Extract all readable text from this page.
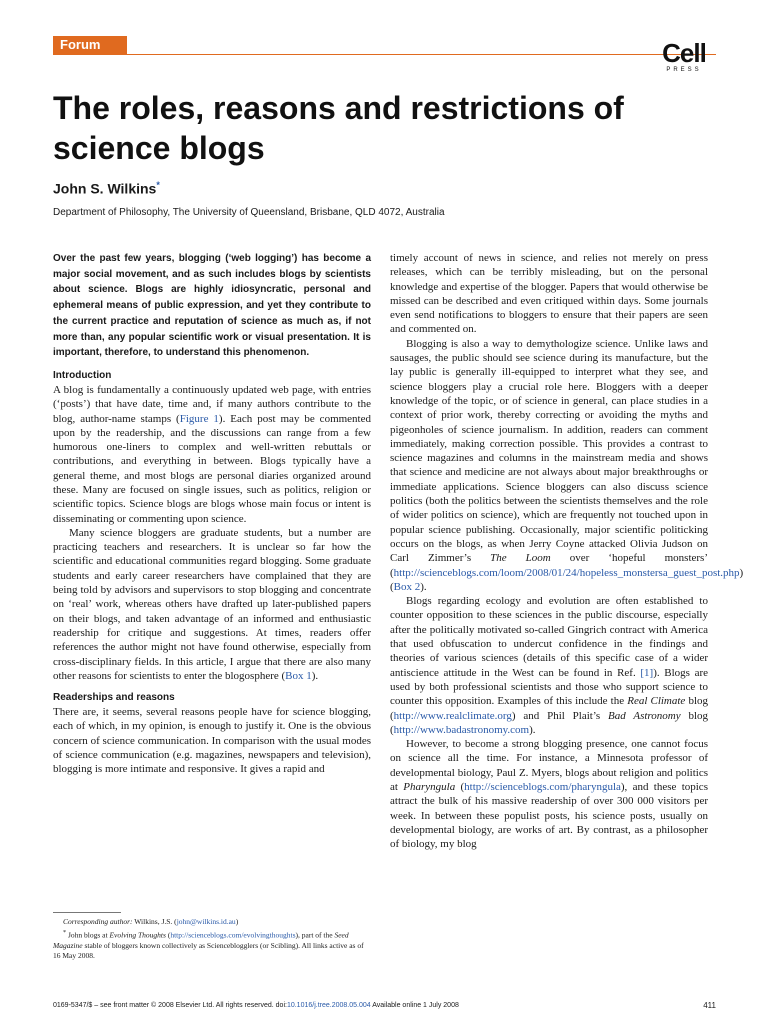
Forum	Cell
PRESS
The roles, reasons and restrictions of science blogs
John S. Wilkins*
Department of Philosophy, The University of Queensland, Brisbane, QLD 4072, Australia

Over the past few years, blogging (‘web logging’) has become a major social movement, and as such includes blogs by scientists about science. Blogs are highly idiosyncratic, personal and ephemeral means of public expression, and yet they contribute to the current practice and reputation of science as much as, if not more than, any popular scientific work or visual presentation. It is important, therefore, to understand this phenomenon.

Introduction

A blog is fundamentally a continuously updated web page, with entries (‘posts’) that have date, time and, if many authors contribute to the blog, author-name stamps (Figure 1). Each post may be commented upon by the readership, and the discussions can range from a few humorous one-liners to complex and well-written rebuttals or contributions, and everything in between. Blogs typically have a general theme, and most blogs are personal diaries organized around these. Many are focused on single issues, such as politics, religion or scientific topics. Science blogs are blogs whose main focus or intent is disseminating or commenting upon science.

Many science bloggers are graduate students, but a number are practicing teachers and researchers. It is unclear so far how the scientific and educational communities regard blogging. Some graduate students and early career researchers have complained that they are being told by advisors and supervisors to stop blogging and concentrate on ‘real’ work, whereas others have drafted up later-published papers on their blogs, and taken advantage of an informed and enthusiastic readership for critique and suggestions. At times, readers offer references the author might not have found otherwise, especially from cross-disciplinary fields. In this article, I argue that there are also many other reasons for scientists to enter the blogosphere (Box 1).

Readerships and reasons

There are, it seems, several reasons people have for science blogging, each of which, in my opinion, is enough to justify it. One is the obvious concern of science communication. In comparison with the usual modes of science communication (e.g. magazines, newspapers and television), blogging is more intimate and responsive. It gives a rapid and

timely account of news in science, and relies not merely on press releases, which can be terribly misleading, but on the personal knowledge and expertise of the blogger. Papers that would otherwise be missed can be described and even critiqued within days. Some journals even send notifications to bloggers to ensure that their papers are seen and commented on.

Blogging is also a way to demythologize science. Unlike laws and sausages, the public should see science during its manufacture, but the lay public is generally ill-equipped to interpret what they see, and science bloggers play a crucial role here. Bloggers with a deeper knowledge of the topic, or of science in general, can place studies in a context of prior work, thereby correcting or avoiding the myths and pigeonholes of science journalism. In addition, readers can comment immediately, making correction possible. This provides a contrast to science magazines and columns in the mainstream media and shows that science and medicine are not always about major breakthroughs or immediate applications. Science bloggers can also discuss science politics (both the politics between the scientists themselves and the role of wider politics on science), which are frequently not touched upon in popular science publishing. Occasionally, major scientific politicking occurs on the blogs, as when Jerry Coyne attacked Olivia Judson on Carl Zimmer’s The Loom over ‘hopeful monsters’ (http://scienceblogs.com/loom/2008/01/24/hopeless_monstersa_guest_post.php) (Box 2).

Blogs regarding ecology and evolution are often established to counter opposition to these sciences in the public discourse, especially after the politically motivated so-called Gingrich contract with America that used obfuscation to undercut confidence in the findings and theories of various sciences (details of this specific case of a wider antiscience attitude in the West can be found in Ref. [1]). Blogs are used by both professional scientists and those who support science to counter this opposition. Examples of this include the Real Climate blog (http://www.realclimate.org) and Phil Plait’s Bad Astronomy blog (http://www.badastronomy.com).

However, to become a strong blogging presence, one cannot focus on science all the time. For instance, a Minnesota professor of developmental biology, Paul Z. Myers, blogs about religion and politics at Pharyngula (http://scienceblogs.com/pharyngula), and these topics attract the bulk of his massive readership of over 300 000 visitors per week. In between these populist posts, his science posts, usually on developmental biology, are works of art. By contrast, as a philosopher of biology, my blog

Corresponding author: Wilkins, J.S. (john@wilkins.id.au)

* John blogs at Evolving Thoughts (http://scienceblogs.com/evolvingthoughts), part of the Seed Magazine stable of bloggers known collectively as Scienceblogglers (or Scibling). All links active as of 16 May 2008.

0169-5347/$ – see front matter © 2008 Elsevier Ltd. All rights reserved. doi:10.1016/j.tree.2008.05.004 Available online 1 July 2008	411
